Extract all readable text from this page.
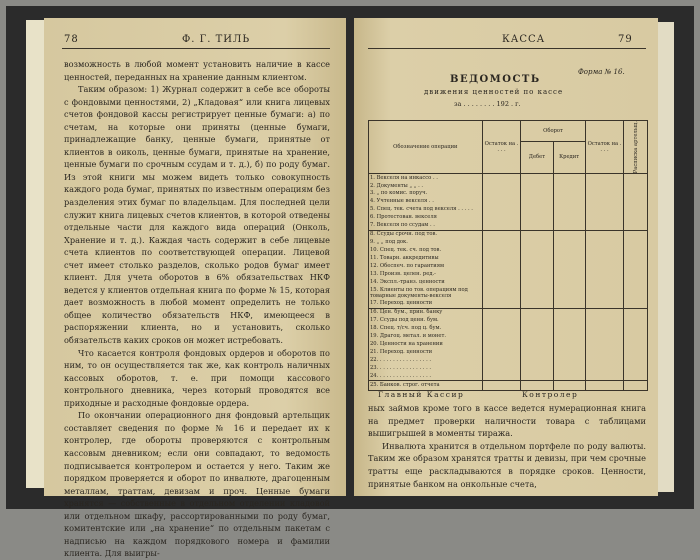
78	Ф. Г. ТИЛЬ

возможность в любой момент установить наличие в кассе ценностей, переданных на хранение данным клиентом.

Таким образом: 1) Журнал содержит в себе все обороты с фондовыми ценностями, 2) „Кладовая“ или книга лицевых счетов фондовой кассы регистрирует ценные бумаги: а) по счетам, на которые они приняты (ценные бумаги, принадлежащие банку, ценные бумаги, принятые от клиентов в оиколь, ценные бумаги, принятые на хранение, ценные бумаги по срочным ссудам и т. д.), б) по роду бумаг. Из этой книги мы можем видеть только совокупность каждого рода бумаг, принятых по известным операциям без разделения этих бумаг по владельцам. Для последней цели служит книга лицевых счетов клиентов, в которой отведены отдельные части для каждого вида операций (Онколь, Хранение и т. д.). Каждая часть содержит в себе лицевые счета клиентов по соответствующей операции. Лицевой счет имеет столько разделов, сколько родов бумаг имеет клиент. Для учета оборотов в 6% обязательствах НКФ ведется у клиентов отдельная книга по форме № 15, которая дает возможность в любой момент определить не только общее количество обязательств НКФ, имеющееся в распоряжении клиента, но и установить, сколько обязательств каких сроков он может истребовать.

Что касается контроля фондовых ордеров и оборотов по ним, то он осуществляется так же, как контроль наличных кассовых оборотов, т. е. при помощи кассового контрольного дневника, через который проводятся все приходные и расходные фондовые ордера.

По окончании операционного дня фондовый артельщик составляет сведения по форме № 16 и передает их к контролер, где обороты проверяются с контрольным кассовым дневником; если они совпадают, то ведомость подписывается контролером и остается у него. Таким же порядком проверяется и оборот по инвалюте, драгоценным металлам, траттам, девизам и проч. Ценные бумаги хранятся — собственные в отдельном отделении кладовой или отдельном шкафу, рассортированными по роду бумаг, комитентские или „на хранение“ по отдельным пакетам с надписью на каждом порядкового номера и фамилии клиента. Для выигры-

КАССА	79
Форма № 16.
ВЕДОМОСТЬ
движения ценностей по кассе
за . . . . . . . . 192 . г.
Обозначение операции	Остаток на . . . .	Оборот		Остаток на . . . .	Расписка артельщ.
		Дебет	Кредит		
1. Векселя на инкассо . .					
2. Документы „ „ . .					
3. „ по комис. поруч.					
4. Учтенные векселя . .					
5. Спец. тек. счета под векселя . . . . .					
6. Протестован. векселя					
7. Векселя по ссудам . .					
8. Ссуды срочн. под тов.					
9. „ „ под док.					
10. Спец. тек. сч. под тов.					
11. Товарн. аккредитивы					
12. Обеспеч. по гарантиям					
13. Произв. целен. ред.-					
14. Экспл.-транз. ценности					
15. Клиенты по тов. операциям под товарные документы-векселя					
17. Переход. ценности					
16. Цен. бум., прин. банку					
17. Ссуды под ценн. бум.					
18. Спец. т/сч. под ц. бум.					
19. Драгоц. метал. и монет.					
20. Ценности на хранении					
21. Переход. ценности					
22. . . . . . . . . . . . . . . . .					
23. . . . . . . . . . . . . . . . .					
24. . . . . . . . . . . . . . . . .					
25. Банков. строг. отчета					
Главный Кассир	Контролер

ных займов кроме того в кассе ведется нумерационная книга на предмет проверки наличности товара с таблицами вышигрышей в моменты тиража.

Инвалюта хранится в отдельном портфеле по роду валюты. Таким же образом хранятся тратты и девизы, при чем срочные тратты еще раскладываются в порядке сроков. Ценности, принятые банком на онкольные счета,
